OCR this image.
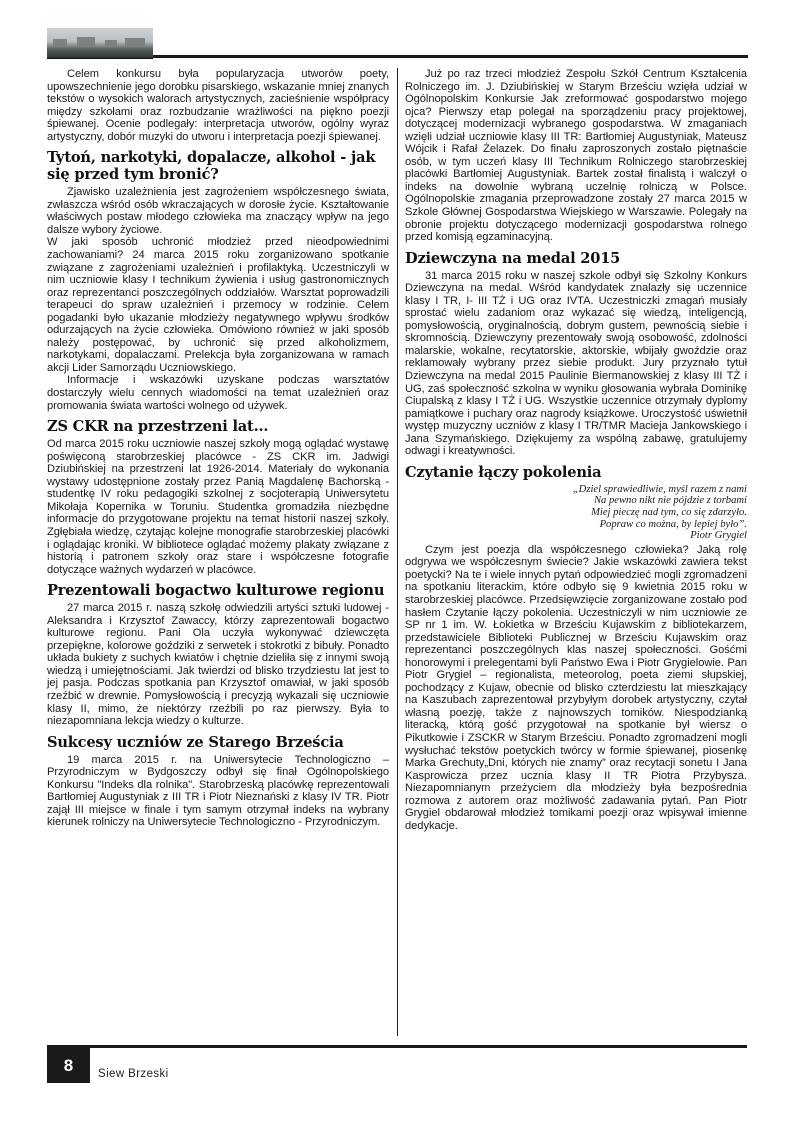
Celem konkursu była popularyzacja utworów poety, upowszechnienie jego dorobku pisarskiego, wskazanie mniej znanych tekstów o wysokich walorach artystycznych, zacieśnienie współpracy między szkołami oraz rozbudzanie wrażliwości na piękno poezji śpiewanej. Ocenie podlegały: interpretacja utworów, ogólny wyraz artystyczny, dobór muzyki do utworu i interpretacja poezji śpiewanej.

Tytoń, narkotyki, dopalacze, alkohol - jak się przed tym bronić?

Zjawisko uzależnienia jest zagrożeniem współczesnego świata, zwłaszcza wśród osób wkraczających w dorosłe życie. Kształtowanie właściwych postaw młodego człowieka ma znaczący wpływ na jego dalsze wybory życiowe.

W jaki sposób uchronić młodzież przed nieodpowiednimi zachowaniami? 24 marca 2015 roku zorganizowano spotkanie związane z zagrożeniami uzależnień i profilaktyką. Uczestniczyli w nim uczniowie klasy I technikum żywienia i usług gastronomicznych oraz reprezentanci poszczególnych oddziałów. Warsztat poprowadzili terapeuci do spraw uzależnień i przemocy w rodzinie. Celem pogadanki było ukazanie młodzieży negatywnego wpływu środków odurzających na życie człowieka. Omówiono również w jaki sposób należy postępować, by uchronić się przed alkoholizmem, narkotykami, dopalaczami. Prelekcja była zorganizowana w ramach akcji Lider Samorządu Uczniowskiego.

Informacje i wskazówki uzyskane podczas warsztatów dostarczyły wielu cennych wiadomości na temat uzależnień oraz promowania świata wartości wolnego od używek.

ZS CKR na przestrzeni lat...

Od marca 2015 roku uczniowie naszej szkoły mogą oglądać wystawę poświęconą starobrzeskiej placówce - ZS CKR im. Jadwigi Dziubińskiej na przestrzeni lat 1926-2014. Materiały do wykonania wystawy udostępnione zostały przez Panią Magdalenę Bachorską - studentkę IV roku pedagogiki szkolnej z socjoterapią Uniwersytetu Mikołaja Kopernika w Toruniu. Studentka gromadziła niezbędne informacje do przygotowane projektu na temat historii naszej szkoły. Zgłębiała wiedzę, czytając kolejne monografie starobrzeskiej placówki i oglądając kroniki. W bibliotece oglądać możemy plakaty związane z historią i patronem szkoły oraz stare i współczesne fotografie dotyczące ważnych wydarzeń w placówce.

Prezentowali bogactwo kulturowe regionu

27 marca 2015 r. naszą szkołę odwiedzili artyści sztuki ludowej - Aleksandra i Krzysztof Zawaccy, którzy zaprezentowali bogactwo kulturowe regionu. Pani Ola uczyła wykonywać dziewczęta przepiękne, kolorowe goździki z serwetek i stokrotki z bibuły. Ponadto układa bukiety z suchych kwiatów i chętnie dzieliła się z innymi swoją wiedzą i umiejętnościami. Jak twierdzi od blisko trzydziestu lat jest to jej pasja. Podczas spotkania pan Krzysztof omawiał, w jaki sposób rzeźbić w drewnie. Pomysłowością i precyzją wykazali się uczniowie klasy II, mimo, że niektórzy rzeźbili po raz pierwszy. Była to niezapomniana lekcja wiedzy o kulturze.

Sukcesy uczniów ze Starego Brześcia

19 marca 2015 r. na Uniwersytecie Technologiczno – Przyrodniczym w Bydgoszczy odbył się finał Ogólnopolskiego Konkursu "Indeks dla rolnika". Starobrzeską placówkę reprezentowali Bartłomiej Augustyniak z III TR i Piotr Nieznański z klasy IV TR. Piotr zajął III miejsce w finale i tym samym otrzymał indeks na wybrany kierunek rolniczy na Uniwersytecie Technologiczno - Przyrodniczym.

Już po raz trzeci młodzież Zespołu Szkół Centrum Kształcenia Rolniczego im. J. Dziubińskiej w Starym Brześciu wzięła udział w Ogólnopolskim Konkursie Jak zreformować gospodarstwo mojego ojca? Pierwszy etap polegał na sporządzeniu pracy projektowej, dotyczącej modernizacji wybranego gospodarstwa. W zmaganiach wzięli udział uczniowie klasy III TR: Bartłomiej Augustyniak, Mateusz Wójcik i Rafał Żelazek. Do finału zaproszonych zostało piętnaście osób, w tym uczeń klasy III Technikum Rolniczego starobrzeskiej placówki Bartłomiej Augustyniak. Bartek został finalistą i walczył o indeks na dowolnie wybraną uczelnię rolniczą w Polsce. Ogólnopolskie zmagania przeprowadzone zostały 27 marca 2015 w Szkole Głównej Gospodarstwa Wiejskiego w Warszawie. Polegały na obronie projektu dotyczącego modernizacji gospodarstwa rolnego przed komisją egzaminacyjną.

Dziewczyna na medal 2015

31 marca 2015 roku w naszej szkole odbył się Szkolny Konkurs Dziewczyna na medal. Wśród kandydatek znalazły się uczennice klasy I TR, I- III TŻ i UG oraz IVTA. Uczestniczki zmagań musiały sprostać wielu zadaniom oraz wykazać się wiedzą, inteligencją, pomysłowością, oryginalnością, dobrym gustem, pewnością siebie i skromnością. Dziewczyny prezentowały swoją osobowość, zdolności malarskie, wokalne, recytatorskie, aktorskie, wbijały gwoździe oraz reklamowały wybrany przez siebie produkt. Jury przyznało tytuł Dziewczyna na medal 2015 Paulinie Biermanowskiej z klasy III TŻ i UG, zaś społeczność szkolna w wyniku głosowania wybrała Dominikę Ciupalską z klasy I TŻ i UG. Wszystkie uczennice otrzymały dyplomy pamiątkowe i puchary oraz nagrody książkowe. Uroczystość uświetnił występ muzyczny uczniów z klasy I TR/TMR Macieja Jankowskiego i Jana Szymańskiego. Dziękujemy za wspólną zabawę, gratulujemy odwagi i kreatywności.

Czytanie łączy pokolenia
„Dziel sprawiedliwie, myśl razem z nami
Na pewno nikt nie pójdzie z torbami
Miej pieczę nad tym, co się zdarzyło.
Popraw co można, by lepiej było”.
Piotr Grygiel

Czym jest poezja dla współczesnego człowieka? Jaką rolę odgrywa we współczesnym świecie? Jakie wskazówki zawiera tekst poetycki? Na te i wiele innych pytań odpowiedzieć mogli zgromadzeni na spotkaniu literackim, które odbyło się 9 kwietnia 2015 roku w starobrzeskiej placówce. Przedsięwzięcie zorganizowane zostało pod hasłem Czytanie łączy pokolenia. Uczestniczyli w nim uczniowie ze SP nr 1 im. W. Łokietka w Brześciu Kujawskim z bibliotekarzem, przedstawiciele Biblioteki Publicznej w Brześciu Kujawskim oraz reprezentanci poszczególnych klas naszej społeczności. Gośćmi honorowymi i prelegentami byli Państwo Ewa i Piotr Grygielowie. Pan Piotr Grygiel – regionalista, meteorolog, poeta ziemi słupskiej, pochodzący z Kujaw, obecnie od blisko czterdziestu lat mieszkający na Kaszubach zaprezentował przybyłym dorobek artystyczny, czytał własną poezję, także z najnowszych tomików. Niespodzianką literacką, którą gość przygotował na spotkanie był wiersz o Pikutkowie i ZSCKR w Starym Brześciu. Ponadto zgromadzeni mogli wysłuchać tekstów poetyckich twórcy w formie śpiewanej, piosenkę Marka Grechuty„Dni, których nie znamy” oraz recytacji sonetu I Jana Kasprowicza przez ucznia klasy II TR Piotra Przybysza. Niezapomnianym przeżyciem dla młodzieży była bezpośrednia rozmowa z autorem oraz możliwość zadawania pytań. Pan Piotr Grygiel obdarował młodzież tomikami poezji oraz wpisywał imienne dedykacje.

8	Siew Brzeski
